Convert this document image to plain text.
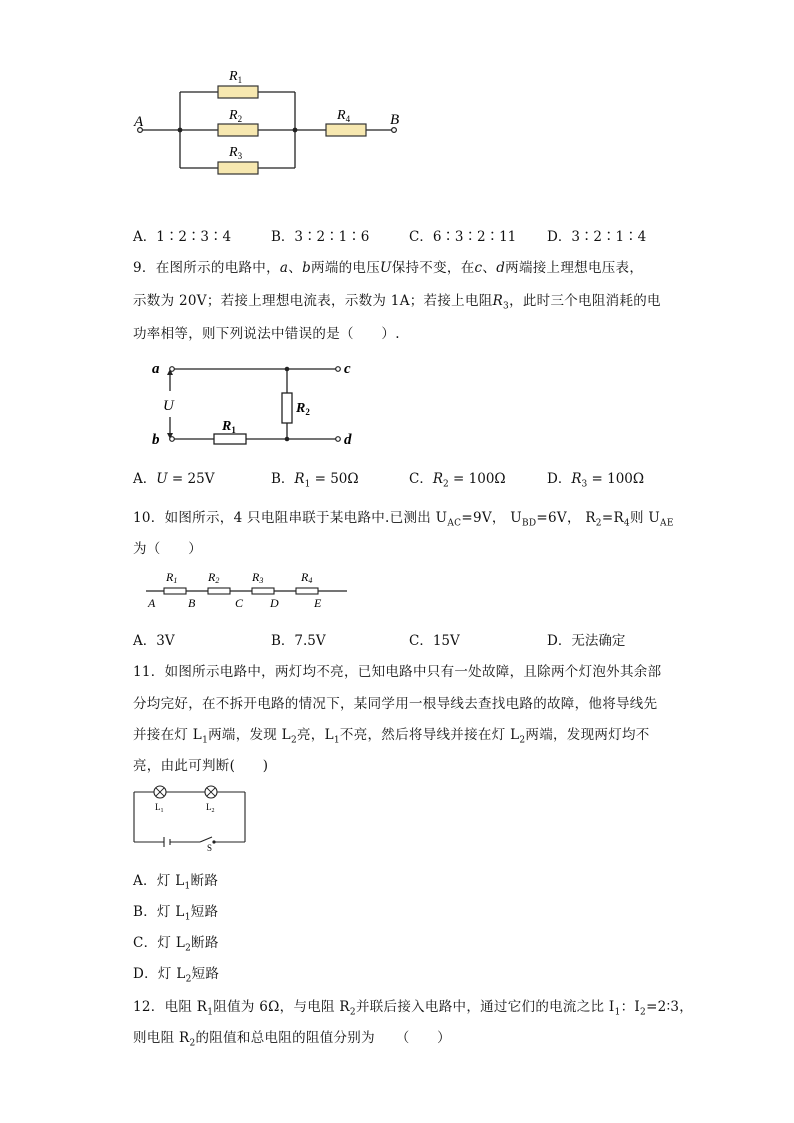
A	B
$R_1$
$R_2$
$R_3$
$R_4$
A．1∶2∶3∶4	B．3∶2∶1∶6	C．6∶3∶2∶11 D．3∶2∶1∶4
9．在图所示的电路中，a、b两端的电压U保持不变，在c、d两端接上理想电压表，
示数为 20V；若接上理想电流表，示数为 1A；若接上电阻$R_3$，此时三个电阻消耗的电
功率相等，则下列说法中错误的是（　　）.
a
b
c
d
U
$R_1$
$R_2$
A．U = 25V	B．$R_1 = 50\Omega$	C．$R_2 = 100\Omega$	D．$R_3 = 100\Omega$
10．如图所示，4 只电阻串联于某电路中.已测出 $U_{AC}=9V$， $U_{BD}=6V$， $R_2=R_4$则 $U_{AE}$
为（　　）
R1	R2	R3	R4
A	B	C D	E
A．3V	B．7.5V	C．15V	D．无法确定
11．如图所示电路中，两灯均不亮，已知电路中只有一处故障，且除两个灯泡外其余部
分均完好，在不拆开电路的情况下，某同学用一根导线去查找电路的故障，他将导线先
并接在灯 $L_1$两端，发现 $L_2$亮，$L_1$不亮，然后将导线并接在灯 $L_2$两端，发现两灯均不
亮，由此可判断(　　)
$L_1$	$L_2$
S
A．灯 $L_1$断路
B．灯 $L_1$短路
C．灯 $L_2$断路
D．灯 $L_2$短路
12．电阻 $R_1$阻值为 6Ω，与电阻 $R_2$并联后接入电路中，通过它们的电流之比 $I_1$：$I_2=2∶3$，
则电阻 $R_2$的阻值和总电阻的阻值分别为　　（　　）
